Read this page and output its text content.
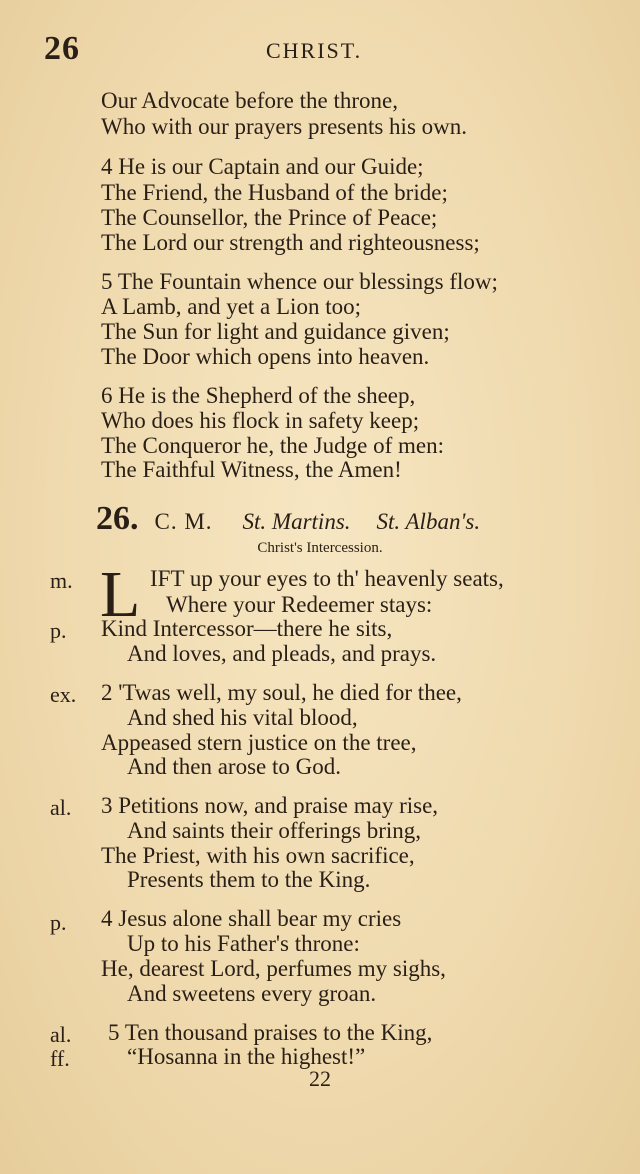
26	CHRIST.
Our Advocate before the throne,
Who with our prayers presents his own.
4 He is our Captain and our Guide;
The Friend, the Husband of the bride;
The Counsellor, the Prince of Peace;
The Lord our strength and righteousness;
5 The Fountain whence our blessings flow;
A Lamb, and yet a Lion too;
The Sun for light and guidance given;
The Door which opens into heaven.
6 He is the Shepherd of the sheep,
Who does his flock in safety keep;
The Conqueror he, the Judge of men:
The Faithful Witness, the Amen!
26. C. M. St. Martins. St. Alban's.
Christ's Intercession.
L
m.	IFT up your eyes to th' heavenly seats,
Where your Redeemer stays:
p. Kind Intercessor—there he sits,
And loves, and pleads, and prays.
ex. 2 'Twas well, my soul, he died for thee,
And shed his vital blood,
Appeased stern justice on the tree,
And then arose to God.
al. 3 Petitions now, and praise may rise,
And saints their offerings bring,
The Priest, with his own sacrifice,
Presents them to the King.
p. 4 Jesus alone shall bear my cries
Up to his Father's throne:
He, dearest Lord, perfumes my sighs,
And sweetens every groan.
al. 5 Ten thousand praises to the King,
ff. “Hosanna in the highest!”
22
